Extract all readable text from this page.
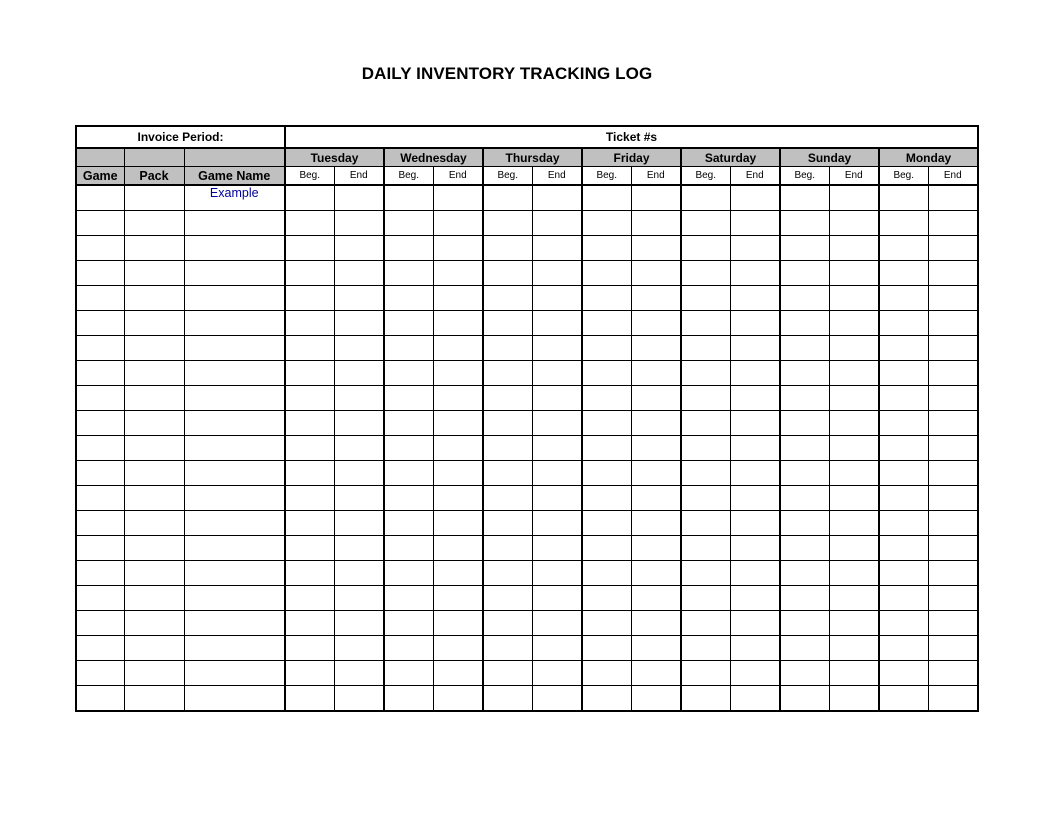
DAILY INVENTORY TRACKING LOG
Invoice Period:			Ticket #s													
			Tuesday		Wednesday		Thursday		Friday		Saturday		Sunday		Monday	
Game	Pack	Game Name	Beg.	End	Beg.	End	Beg.	End	Beg.	End	Beg.	End	Beg.	End	Beg.	End
		Example														
